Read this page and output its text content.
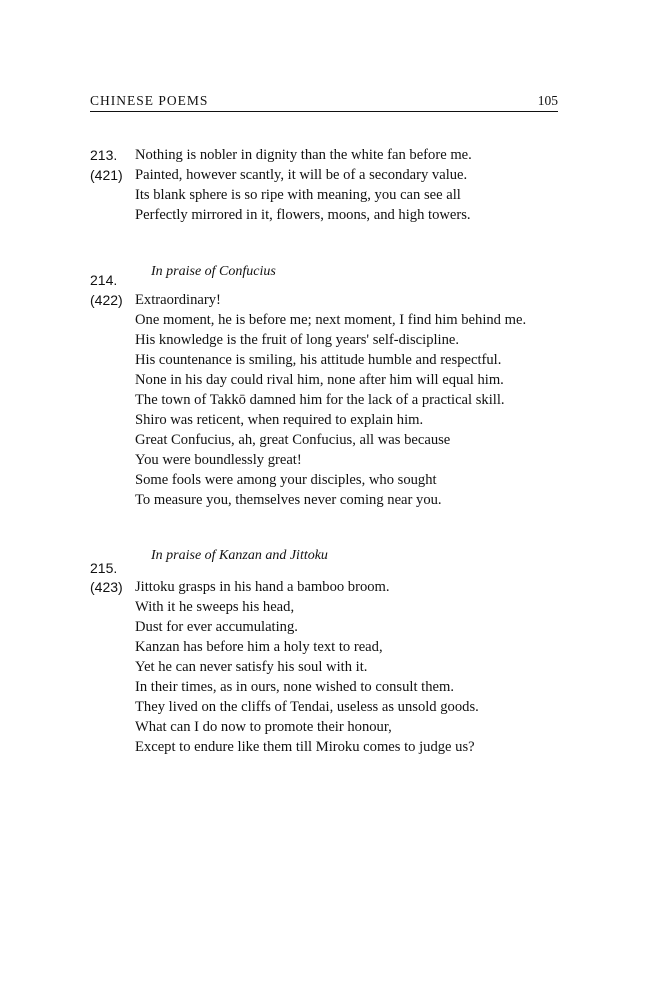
CHINESE POEMS	105
213.
(421)
Nothing is nobler in dignity than the white fan before me.
Painted, however scantly, it will be of a secondary value.
Its blank sphere is so ripe with meaning, you can see all
Perfectly mirrored in it, flowers, moons, and high towers.
In praise of Confucius
214.
(422) Extraordinary!
One moment, he is before me; next moment, I find him behind me.
His knowledge is the fruit of long years' self-discipline.
His countenance is smiling, his attitude humble and respectful.
None in his day could rival him, none after him will equal him.
The town of Takkō damned him for the lack of a practical skill.
Shiro was reticent, when required to explain him.
Great Confucius, ah, great Confucius, all was because
You were boundlessly great!
Some fools were among your disciples, who sought
To measure you, themselves never coming near you.
In praise of Kanzan and Jittoku
215.
(423) Jittoku grasps in his hand a bamboo broom.
With it he sweeps his head,
Dust for ever accumulating.
Kanzan has before him a holy text to read,
Yet he can never satisfy his soul with it.
In their times, as in ours, none wished to consult them.
They lived on the cliffs of Tendai, useless as unsold goods.
What can I do now to promote their honour,
Except to endure like them till Miroku comes to judge us?
